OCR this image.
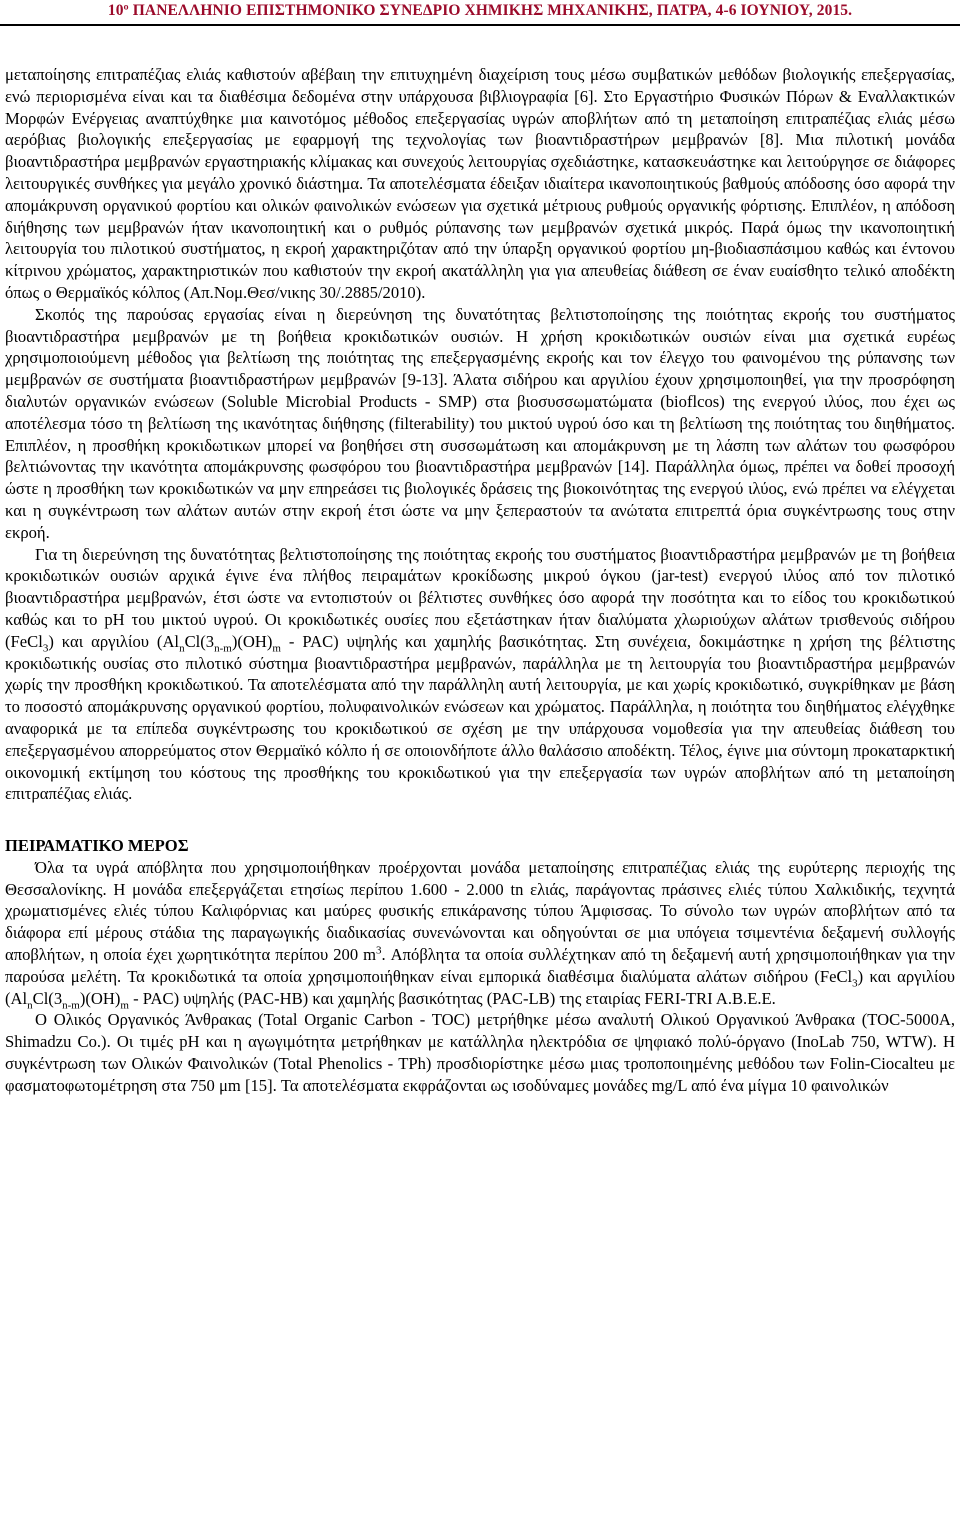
10º ΠΑΝΕΛΛΗΝΙΟ ΕΠΙΣΤΗΜΟΝΙΚΟ ΣΥΝΕΔΡΙΟ ΧΗΜΙΚΗΣ ΜΗΧΑΝΙΚΗΣ, ΠΑΤΡΑ, 4-6 ΙΟΥΝΙΟΥ, 2015.

μεταποίησης επιτραπέζιας ελιάς καθιστούν αβέβαιη την επιτυχημένη διαχείριση τους μέσω συμβατικών μεθόδων βιολογικής επεξεργασίας, ενώ περιορισμένα είναι και τα διαθέσιμα δεδομένα στην υπάρχουσα βιβλιογραφία [6]. Στο Εργαστήριο Φυσικών Πόρων & Εναλλακτικών Μορφών Ενέργειας αναπτύχθηκε μια καινοτόμος μέθοδος επεξεργασίας υγρών αποβλήτων από τη μεταποίηση επιτραπέζιας ελιάς μέσω αερόβιας βιολογικής επεξεργασίας με εφαρμογή της τεχνολογίας των βιοαντιδραστήρων μεμβρανών [8]. Μια πιλοτική μονάδα βιοαντιδραστήρα μεμβρανών εργαστηριακής κλίμακας και συνεχούς λειτουργίας σχεδιάστηκε, κατασκευάστηκε και λειτούργησε σε διάφορες λειτουργικές συνθήκες για μεγάλο χρονικό διάστημα. Τα αποτελέσματα έδειξαν ιδιαίτερα ικανοποιητικούς βαθμούς απόδοσης όσο αφορά την απομάκρυνση οργανικού φορτίου και ολικών φαινολικών ενώσεων για σχετικά μέτριους ρυθμούς οργανικής φόρτισης. Επιπλέον, η απόδοση διήθησης των μεμβρανών ήταν ικανοποιητική και ο ρυθμός ρύπανσης των μεμβρανών σχετικά μικρός. Παρά όμως την ικανοποιητική λειτουργία του πιλοτικού συστήματος, η εκροή χαρακτηριζόταν από την ύπαρξη οργανικού φορτίου μη-βιοδιασπάσιμου καθώς και έντονου κίτρινου χρώματος, χαρακτηριστικών που καθιστούν την εκροή ακατάλληλη για για απευθείας διάθεση σε έναν ευαίσθητο τελικό αποδέκτη όπως ο Θερμαϊκός κόλπος (Απ.Νομ.Θεσ/νικης 30/.2885/2010).

Σκοπός της παρούσας εργασίας είναι η διερεύνηση της δυνατότητας βελτιστοποίησης της ποιότητας εκροής του συστήματος βιοαντιδραστήρα μεμβρανών με τη βοήθεια κροκιδωτικών ουσιών. Η χρήση κροκιδωτικών ουσιών είναι μια σχετικά ευρέως χρησιμοποιούμενη μέθοδος για βελτίωση της ποιότητας της επεξεργασμένης εκροής και τον έλεγχο του φαινομένου της ρύπανσης των μεμβρανών σε συστήματα βιοαντιδραστήρων μεμβρανών [9-13]. Άλατα σιδήρου και αργιλίου έχουν χρησιμοποιηθεί, για την προσρόφηση διαλυτών οργανικών ενώσεων (Soluble Microbial Products - SMP) στα βιοσυσσωματώματα (bioflcos) της ενεργού ιλύος, που έχει ως αποτέλεσμα τόσο τη βελτίωση της ικανότητας διήθησης (filterability) του μικτού υγρού όσο και τη βελτίωση της ποιότητας του διηθήματος. Επιπλέον, η προσθήκη κροκιδωτικων μπορεί να βοηθήσει στη συσσωμάτωση και απομάκρυνση με τη λάσπη των αλάτων του φωσφόρου βελτιώνοντας την ικανότητα απομάκρυνσης φωσφόρου του βιοαντιδραστήρα μεμβρανών [14]. Παράλληλα όμως, πρέπει να δοθεί προσοχή ώστε η προσθήκη των κροκιδωτικών να μην επηρεάσει τις βιολογικές δράσεις της βιοκοινότητας της ενεργού ιλύος, ενώ πρέπει να ελέγχεται και η συγκέντρωση των αλάτων αυτών στην εκροή έτσι ώστε να μην ξεπεραστούν τα ανώτατα επιτρεπτά όρια συγκέντρωσης τους στην εκροή.

Για τη διερεύνηση της δυνατότητας βελτιστοποίησης της ποιότητας εκροής του συστήματος βιοαντιδραστήρα μεμβρανών με τη βοήθεια κροκιδωτικών ουσιών αρχικά έγινε ένα πλήθος πειραμάτων κροκίδωσης μικρού όγκου (jar-test) ενεργού ιλύος από τον πιλοτικό βιοαντιδραστήρα μεμβρανών, έτσι ώστε να εντοπιστούν οι βέλτιστες συνθήκες όσο αφορά την ποσότητα και το είδος του κροκιδωτικού καθώς και το pH του μικτού υγρού. Οι κροκιδωτικές ουσίες που εξετάστηκαν ήταν διαλύματα χλωριούχων αλάτων τρισθενούς σιδήρου (FeCl$_3$) και αργιλίου $(Al_nCl(3_{n-m})(OH)_m - PAC)$ υψηλής και χαμηλής βασικότητας. Στη συνέχεια, δοκιμάστηκε η χρήση της βέλτιστης κροκιδωτικής ουσίας στο πιλοτικό σύστημα βιοαντιδραστήρα μεμβρανών, παράλληλα με τη λειτουργία του βιοαντιδραστήρα μεμβρανών χωρίς την προσθήκη κροκιδωτικού. Τα αποτελέσματα από την παράλληλη αυτή λειτουργία, με και χωρίς κροκιδωτικό, συγκρίθηκαν με βάση το ποσοστό απομάκρυνσης οργανικού φορτίου, πολυφαινολικών ενώσεων και χρώματος. Παράλληλα, η ποιότητα του διηθήματος ελέγχθηκε αναφορικά με τα επίπεδα συγκέντρωσης του κροκιδωτικού σε σχέση με την υπάρχουσα νομοθεσία για την απευθείας διάθεση του επεξεργασμένου απορρεύματος στον Θερμαϊκό κόλπο ή σε οποιονδήποτε άλλο θαλάσσιο αποδέκτη. Τέλος, έγινε μια σύντομη προκαταρκτική οικονομική εκτίμηση του κόστους της προσθήκης του κροκιδωτικού για την επεξεργασία των υγρών αποβλήτων από τη μεταποίηση επιτραπέζιας ελιάς.

ΠΕΙΡΑΜΑΤΙΚΟ ΜΕΡΟΣ

Όλα τα υγρά απόβλητα που χρησιμοποιήθηκαν προέρχονται μονάδα μεταποίησης επιτραπέζιας ελιάς της ευρύτερης περιοχής της Θεσσαλονίκης. Η μονάδα επεξεργάζεται ετησίως περίπου 1.600 - 2.000 tn ελιάς, παράγοντας πράσινες ελιές τύπου Χαλκιδικής, τεχνητά χρωματισμένες ελιές τύπου Καλιφόρνιας και μαύρες φυσικής επικάρανσης τύπου Άμφισσας. Το σύνολο των υγρών αποβλήτων από τα διάφορα επί μέρους στάδια της παραγωγικής διαδικασίας συνενώνονται και οδηγούνται σε μια υπόγεια τσιμεντένια δεξαμενή συλλογής αποβλήτων, η οποία έχει χωρητικότητα περίπου 200 $m^3$. Απόβλητα τα οποία συλλέχτηκαν από τη δεξαμενή αυτή χρησιμοποιήθηκαν για την παρούσα μελέτη. Τα κροκιδωτικά τα οποία χρησιμοποιήθηκαν είναι εμπορικά διαθέσιμα διαλύματα αλάτων σιδήρου (FeCl$_3$) και αργιλίου $(Al_nCl(3_{n-m})(OH)_m - PAC)$ υψηλής (PAC-HB) και χαμηλής βασικότητας (PAC-LB) της εταιρίας FERI-TRI A.B.E.E.

Ο Ολικός Οργανικός Άνθρακας (Total Organic Carbon - TOC) μετρήθηκε μέσω αναλυτή Ολικού Οργανικού Άνθρακα (TOC-5000A, Shimadzu Co.). Οι τιμές pH και η αγωγιμότητα μετρήθηκαν με κατάλληλα ηλεκτρόδια σε ψηφιακό πολύ-όργανο (InoLab 750, WTW). Η συγκέντρωση των Ολικών Φαινολικών (Total Phenolics - TPh) προσδιορίστηκε μέσω μιας τροποποιημένης μεθόδου των Folin-Ciocalteu με φασματοφωτομέτρηση στα 750 μm [15]. Τα αποτελέσματα εκφράζονται ως ισοδύναμες μονάδες mg/L από ένα μίγμα 10 φαινολικών
